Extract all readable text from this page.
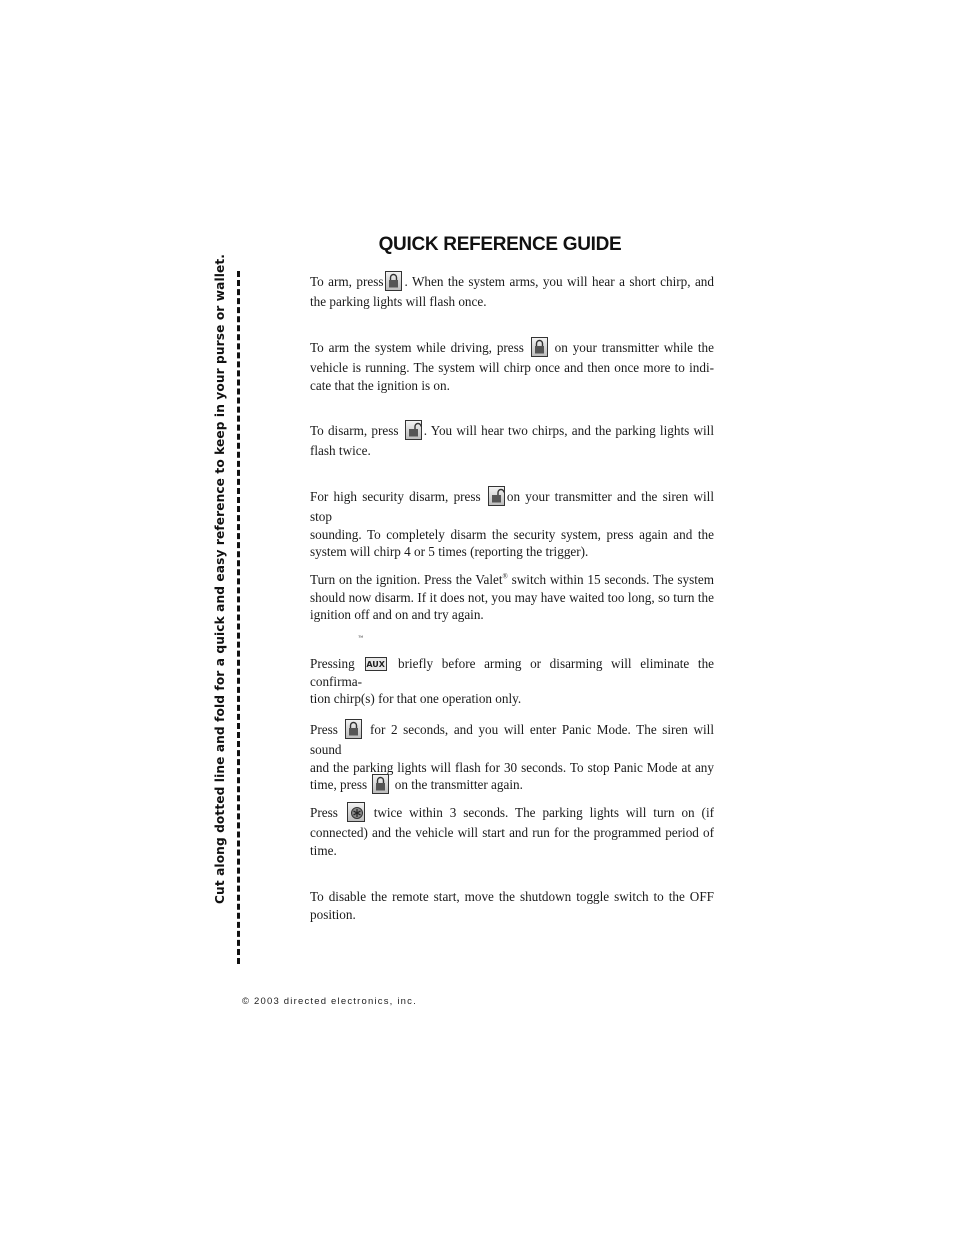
QUICK REFERENCE GUIDE
Cut along dotted line and fold for a quick and easy reference to keep in your purse or wallet.	To arm, press . When the system arms, you will hear a short chirp, and
the parking lights will flash once.
To arm the system while driving, press on your transmitter while the
vehicle is running. The system will chirp once and then once more to indi-
cate that the ignition is on.
To disarm, press . You will hear two chirps, and the parking lights will
flash twice.
For high security disarm, press on your transmitter and the siren will stop
sounding. To completely disarm the security system, press again and the
system will chirp 4 or 5 times (reporting the trigger).
Turn on the ignition. Press the Valet® switch within 15 seconds. The system
should now disarm. If it does not, you may have waited too long, so turn the
ignition off and on and try again.
™
Pressing AUX briefly before arming or disarming will eliminate the confirma-
tion chirp(s) for that one operation only.
Press for 2 seconds, and you will enter Panic Mode. The siren will sound
and the parking lights will flash for 30 seconds. To stop Panic Mode at any
time, press on the transmitter again.
Press	twice within 3 seconds. The parking lights will turn on (if
connected) and the vehicle will start and run for the programmed period of
time.
To disable the remote start, move the shutdown toggle switch to the OFF
position.
© 2003 directed electronics, inc.
